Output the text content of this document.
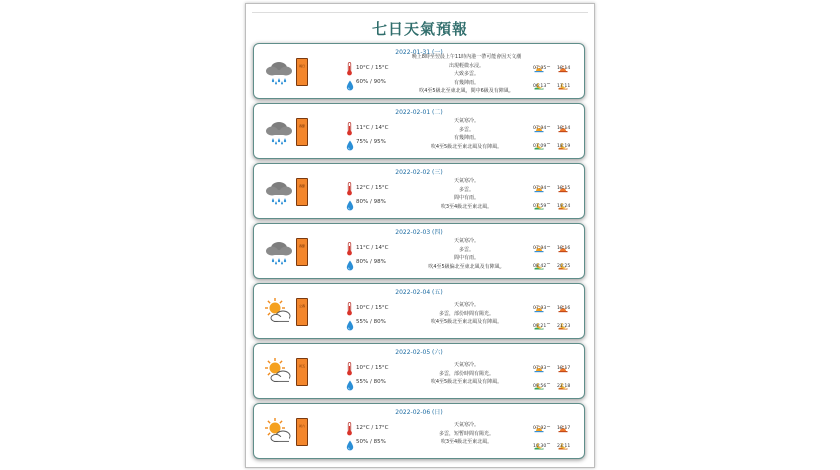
七日天氣預報
2022-01-31 (一)
雨日	10°C / 15°C
60% / 90%
晚上8時至翌晨上午11時內港一帶可能會因天文潮
出現輕微水浸。
大致多雲。
有幾陣雨。
吹4至5級北至東北風，間中6級及有陣風。
_
07:05 18:14
_
06:13 17:11
2022-02-01 (二)
春節	11°C / 14°C
75% / 95%
天氣寒冷。
多雲。
有幾陣雨。
吹4至5級北至東北風及有陣風。
_
07:04 18:14
_
07:09 18:19
2022-02-02 (三)
春節	12°C / 15°C
80% / 98%
天氣寒冷。
多雲。
間中有雨。
吹3至4級北至東北風。
_
07:04 18:15
_
07:59 19:24
2022-02-03 (四)
春節	11°C / 14°C
80% / 98%
天氣寒冷。
多雲。
間中有雨。
吹4至5級偏北至東北風及有陣風。
_
07:04 18:16
_
08:42 20:25
2022-02-04 (五)
立春	10°C / 15°C
55% / 80%
天氣寒冷。
多雲，部份時間有陽光。
吹4至5級北至東北風及有陣風。
_
07:03 18:16
_
09:21 21:23
2022-02-05 (六)
初五	10°C / 15°C
55% / 80%
天氣寒冷。
多雲，部份時間有陽光。
吹4至5級北至東北風及有陣風。
_
07:03 18:17
_
09:56 22:18
2022-02-06 (日)
初六	12°C / 17°C
50% / 85%
天氣寒冷。
多雲，短暫時間有陽光。
吹3至4級北至東北風。
_
07:02 18:17
_
10:30 23:11
